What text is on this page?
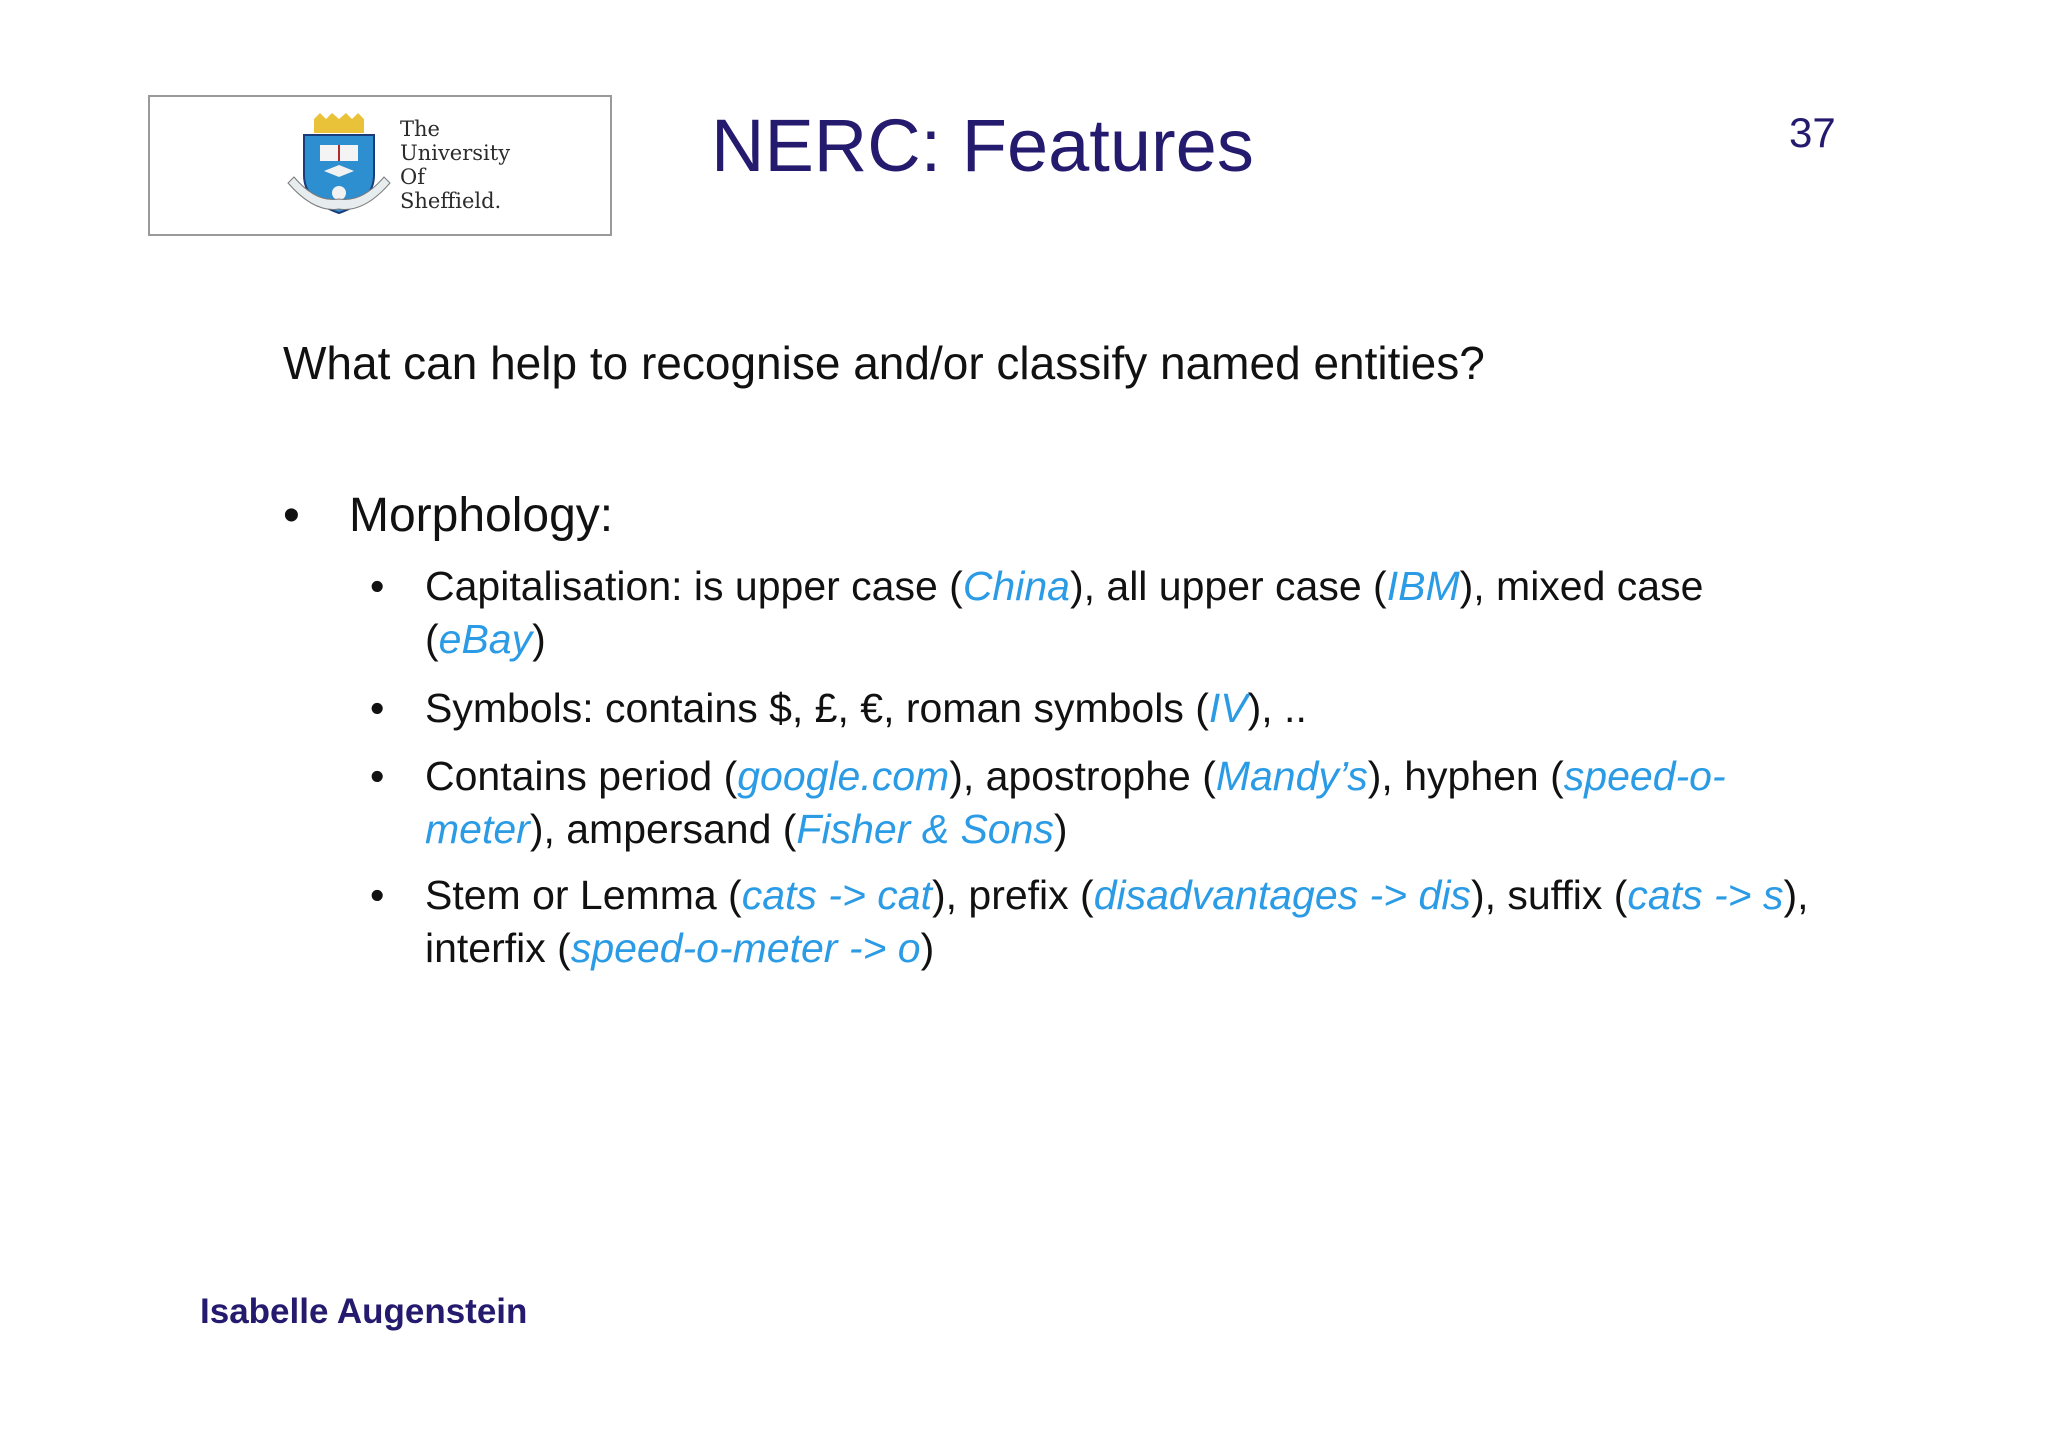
The
University
Of
Sheffield.
NERC: Features	37
What can help to recognise and/or classify named entities?
• Morphology:
• Capitalisation: is upper case (China), all upper case (IBM), mixed case (eBay)
• Symbols: contains $, £, €, roman symbols (IV), ..
• Contains period (google.com), apostrophe (Mandy’s), hyphen (speed-o-meter), ampersand (Fisher & Sons)
• Stem or Lemma (cats -> cat), prefix (disadvantages -> dis), suffix (cats -> s), interfix (speed-o-meter -> o)
Isabelle Augenstein
